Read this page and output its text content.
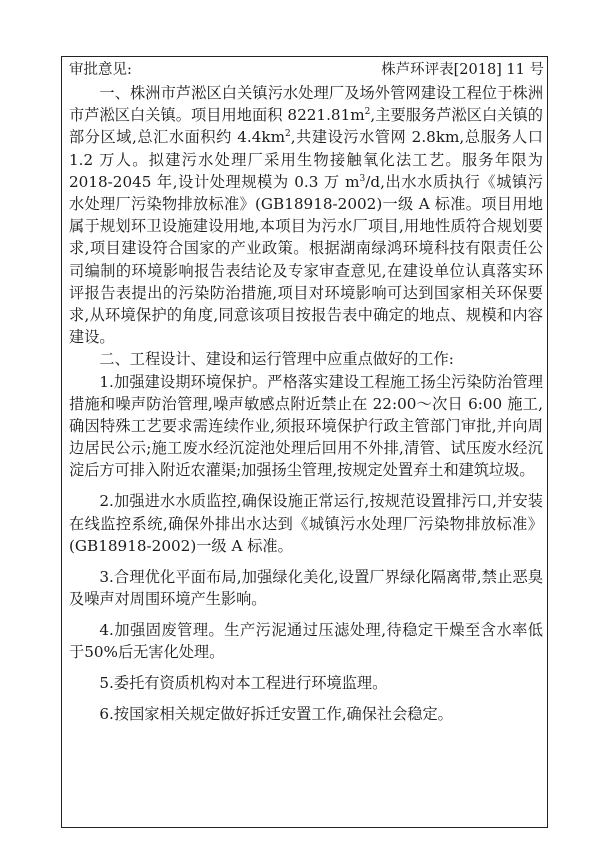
审批意见:	株芦环评表[2018] 11 号

一、株洲市芦淞区白关镇污水处理厂及场外管网建设工程位于株洲市芦淞区白关镇。项目用地面积 $8221.81m^2$,主要服务芦淞区白关镇的部分区域,总汇水面积约 $4.4km^2$,共建设污水管网 2.8km,总服务人口 1.2 万人。拟建污水处理厂采用生物接触氧化法工艺。服务年限为 2018-2045 年,设计处理规模为 0.3 万 $m^3/d$,出水水质执行《城镇污水处理厂污染物排放标准》(GB18918-2002)一级 A 标准。项目用地属于规划环卫设施建设用地,本项目为污水厂项目,用地性质符合规划要求,项目建设符合国家的产业政策。根据湖南绿鸿环境科技有限责任公司编制的环境影响报告表结论及专家审查意见,在建设单位认真落实环评报告表提出的污染防治措施,项目对环境影响可达到国家相关环保要求,从环境保护的角度,同意该项目按报告表中确定的地点、规模和内容建设。

二、工程设计、建设和运行管理中应重点做好的工作:

1.加强建设期环境保护。严格落实建设工程施工扬尘污染防治管理措施和噪声防治管理,噪声敏感点附近禁止在 22:00～次日 6:00 施工,确因特殊工艺要求需连续作业,须报环境保护行政主管部门审批,并向周边居民公示;施工废水经沉淀池处理后回用不外排,清管、试压废水经沉淀后方可排入附近农灌渠;加强扬尘管理,按规定处置弃土和建筑垃圾。

2.加强进水水质监控,确保设施正常运行,按规范设置排污口,并安装在线监控系统,确保外排出水达到《城镇污水处理厂污染物排放标准》(GB18918-2002)一级 A 标准。

3.合理优化平面布局,加强绿化美化,设置厂界绿化隔离带,禁止恶臭及噪声对周围环境产生影响。

4.加强固废管理。生产污泥通过压滤处理,待稳定干燥至含水率低于50%后无害化处理。

5.委托有资质机构对本工程进行环境监理。

6.按国家相关规定做好拆迁安置工作,确保社会稳定。
